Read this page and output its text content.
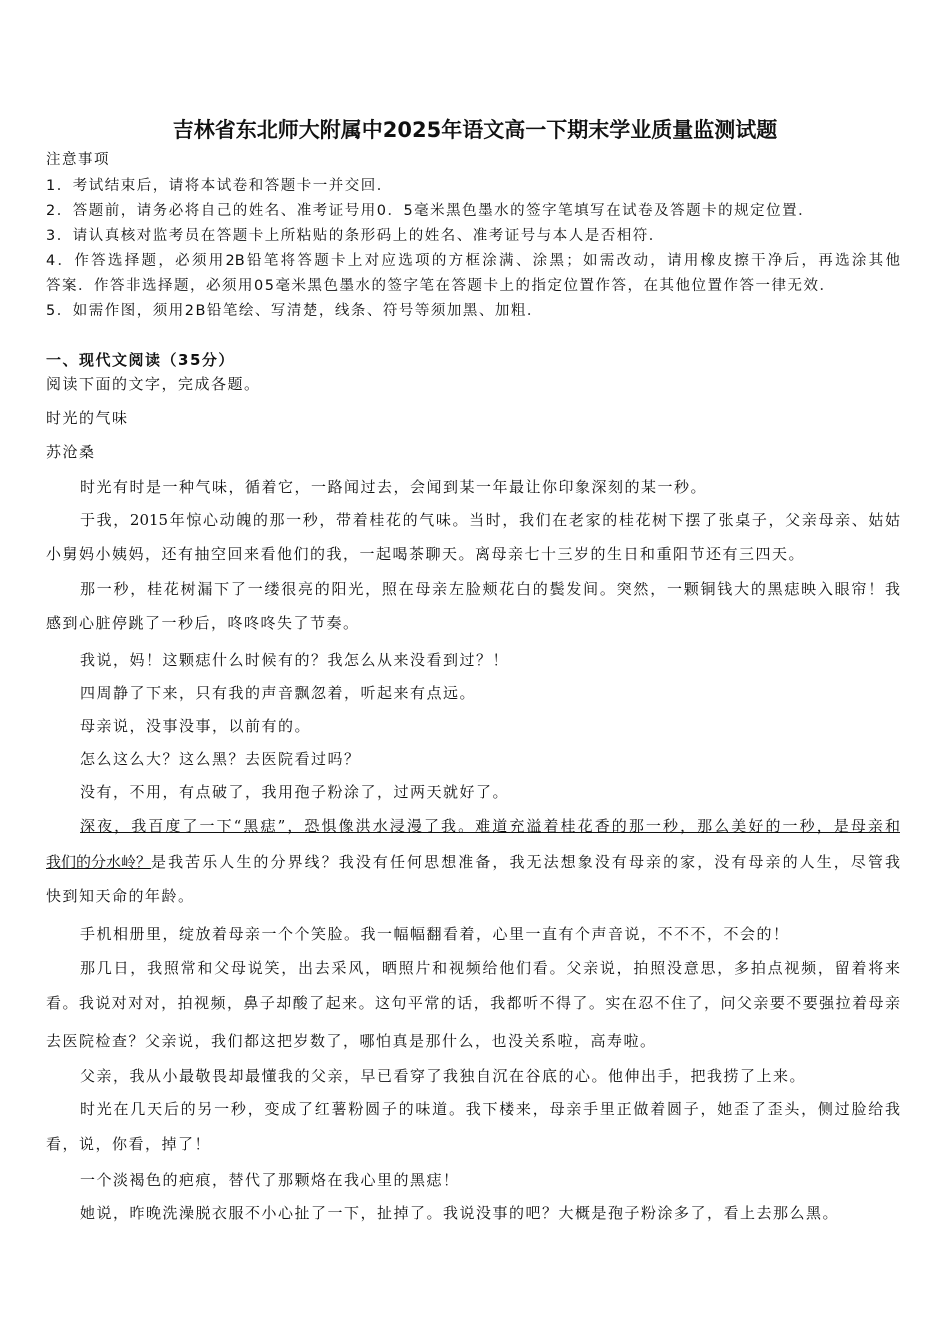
吉林省东北师大附属中2025年语文高一下期末学业质量监测试题
注意事项
1．考试结束后，请将本试卷和答题卡一并交回．
2．答题前，请务必将自己的姓名、准考证号用0．5毫米黑色墨水的签字笔填写在试卷及答题卡的规定位置．
3．请认真核对监考员在答题卡上所粘贴的条形码上的姓名、准考证号与本人是否相符．
4．作答选择题，必须用2B铅笔将答题卡上对应选项的方框涂满、涂黑；如需改动，请用橡皮擦干净后，再选涂其他
答案．作答非选择题，必须用05毫米黑色墨水的签字笔在答题卡上的指定位置作答，在其他位置作答一律无效．
5．如需作图，须用2B铅笔绘、写清楚，线条、符号等须加黑、加粗．
一、现代文阅读（35分）
阅读下面的文字，完成各题。
时光的气味
苏沧桑
时光有时是一种气味，循着它，一路闻过去，会闻到某一年最让你印象深刻的某一秒。
于我，2015年惊心动魄的那一秒，带着桂花的气味。当时，我们在老家的桂花树下摆了张桌子，父亲母亲、姑姑
小舅妈小姨妈，还有抽空回来看他们的我，一起喝茶聊天。离母亲七十三岁的生日和重阳节还有三四天。
那一秒，桂花树漏下了一缕很亮的阳光，照在母亲左脸颊花白的鬓发间。突然，一颗铜钱大的黑痣映入眼帘！我
感到心脏停跳了一秒后，咚咚咚失了节奏。
我说，妈！这颗痣什么时候有的？我怎么从来没看到过？！
四周静了下来，只有我的声音飘忽着，听起来有点远。
母亲说，没事没事，以前有的。
怎么这么大？这么黑？去医院看过吗？
没有，不用，有点破了，我用孢子粉涂了，过两天就好了。
深夜，我百度了一下“黑痣”，恐惧像洪水浸漫了我。难道充溢着桂花香的那一秒，那么美好的一秒，是母亲和
我们的分水岭？ 是我苦乐人生的分界线？我没有任何思想准备，我无法想象没有母亲的家，没有母亲的人生，尽管我
快到知天命的年龄。
手机相册里，绽放着母亲一个个笑脸。我一幅幅翻看着，心里一直有个声音说，不不不，不会的！
那几日，我照常和父母说笑，出去采风，晒照片和视频给他们看。父亲说，拍照没意思，多拍点视频，留着将来
看。我说对对对，拍视频，鼻子却酸了起来。这句平常的话，我都听不得了。实在忍不住了，问父亲要不要强拉着母亲
去医院检查？父亲说，我们都这把岁数了，哪怕真是那什么，也没关系啦，高寿啦。
父亲，我从小最敬畏却最懂我的父亲，早已看穿了我独自沉在谷底的心。他伸出手，把我捞了上来。
时光在几天后的另一秒，变成了红薯粉圆子的味道。我下楼来，母亲手里正做着圆子，她歪了歪头，侧过脸给我
看，说，你看，掉了！
一个淡褐色的疤痕，替代了那颗烙在我心里的黑痣！
她说，昨晚洗澡脱衣服不小心扯了一下，扯掉了。我说没事的吧？大概是孢子粉涂多了，看上去那么黑。
